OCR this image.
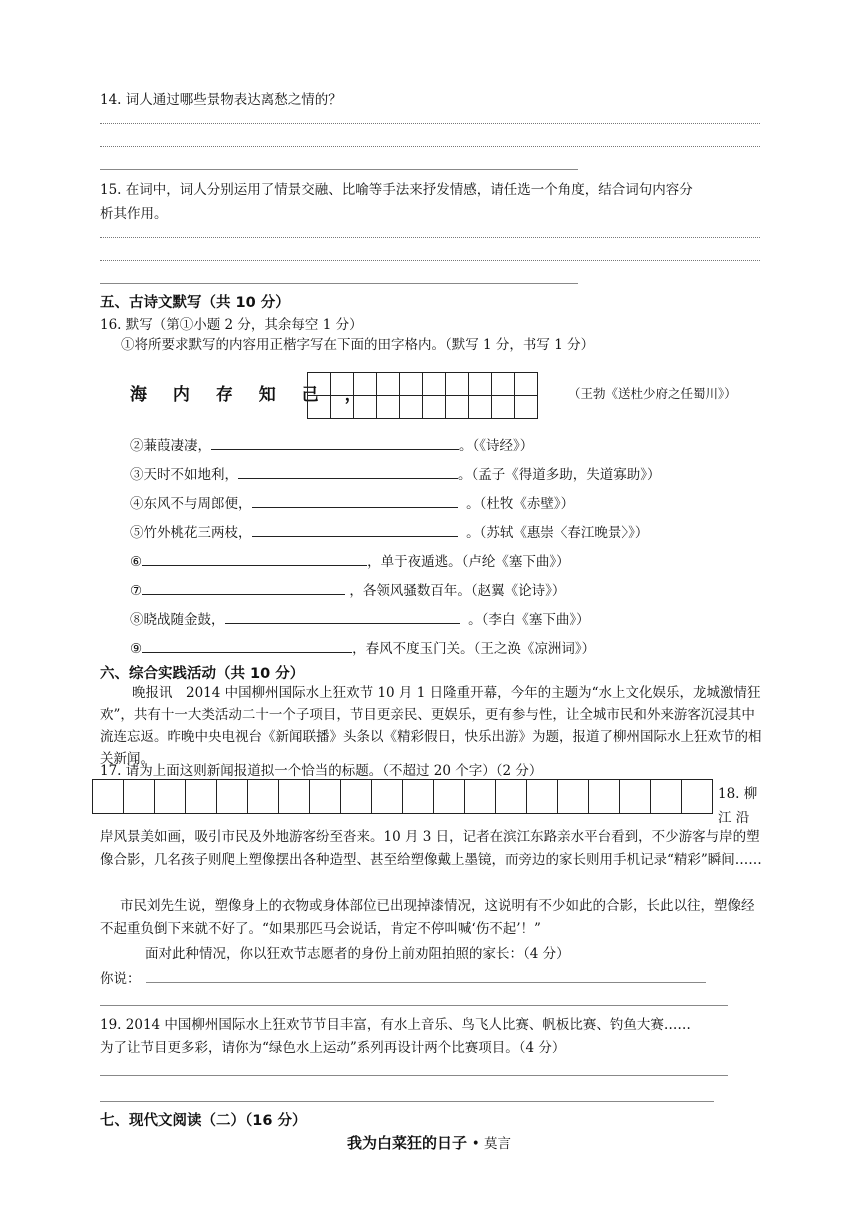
14. 词人通过哪些景物表达离愁之情的？
15. 在词中，词人分别运用了情景交融、比喻等手法来抒发情感，请任选一个角度，结合词句内容分
析其作用。
五、古诗文默写（共 10 分）
16. 默写（第①小题 2 分，其余每空 1 分）
①将所要求默写的内容用正楷字写在下面的田字格内。（默写 1 分，书写 1 分）
海 内 存 知 己 ，	（王勃《送杜少府之任蜀川》）
②蒹葭凄凄，	。（《诗经》）
③天时不如地利，	。（孟子《得道多助，失道寡助》）
④东风不与周郎便，	。（杜牧《赤壁》）
⑤竹外桃花三两枝，	。（苏轼《惠崇〈春江晚景〉》）
⑥	，单于夜遁逃。（卢纶《塞下曲》）
⑦	，各领风骚数百年。（赵翼《论诗》）
⑧晓战随金鼓，	。（李白《塞下曲》）
⑨	，春风不度玉门关。（王之涣《凉洲词》）
六、综合实践活动（共 10 分）
晚报讯　2014 中国柳州国际水上狂欢节 10 月 1 日隆重开幕，今年的主题为“水上文化娱乐，龙城激情狂欢”，共有十一大类活动二十一个子项目，节目更亲民、更娱乐，更有参与性，让全城市民和外来游客沉浸其中流连忘返。昨晚中央电视台《新闻联播》头条以《精彩假日，快乐出游》为题，报道了柳州国际水上狂欢节的相关新闻。
17. 请为上面这则新闻报道拟一个恰当的标题。（不超过 20 个字）（2 分）
18. 柳
江 沿
岸风景美如画，吸引市民及外地游客纷至沓来。10 月 3 日，记者在滨江东路亲水平台看到，不少游客与岸的塑像合影，几名孩子则爬上塑像摆出各种造型、甚至给塑像戴上墨镜，而旁边的家长则用手机记录“精彩”瞬间……
市民刘先生说，塑像身上的衣物或身体部位已出现掉漆情况，这说明有不少如此的合影，长此以往，塑像经不起重负倒下来就不好了。“如果那匹马会说话，肯定不停叫喊‘伤不起’！”
面对此种情况，你以狂欢节志愿者的身份上前劝阻拍照的家长：（4 分）
你说：
19. 2014 中国柳州国际水上狂欢节节目丰富，有水上音乐、鸟飞人比赛、帆板比赛、钓鱼大赛……
为了让节目更多彩，请你为“绿色水上运动”系列再设计两个比赛项目。（4 分）
七、现代文阅读（二）（16 分）
我为白菜狂的日子 • 莫言
